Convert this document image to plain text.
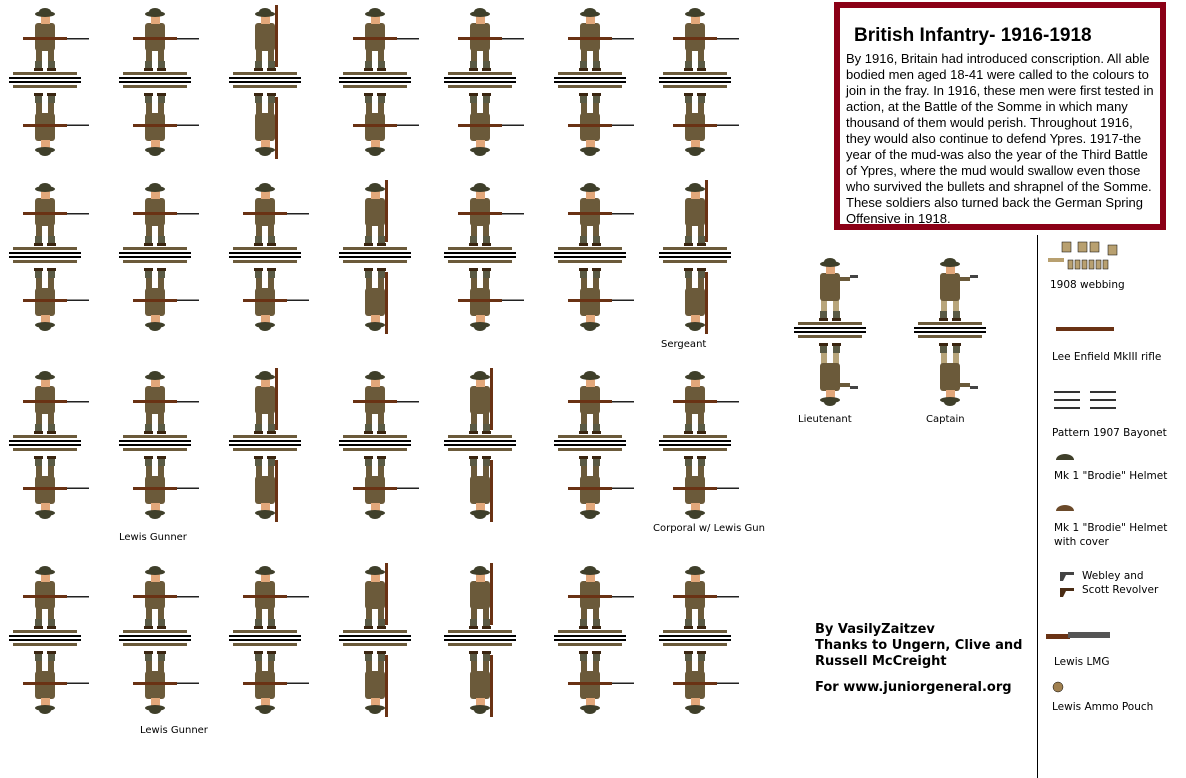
British Infantry- 1916-1918

By 1916, Britain had introduced conscription. All able bodied men aged 18-41 were called to the colours to join in the fray. In 1916, these men were first tested in action, at the Battle of the Somme in which many thousand of them would perish. Throughout 1916, they would also continue to defend Ypres. 1917-the year of the mud-was also the year of the Third Battle of Ypres, where the mud would swallow even those who survived the bullets and shrapnel of the Somme. These soldiers also turned back the German Spring Offensive in 1918.

Sergeant
Lewis Gunner
Corporal w/ Lewis Gun
Lieutenant	Captain
Lewis Gunner
1908 webbing
Lee Enfield MkIII rifle
Pattern 1907 Bayonet
Mk 1 "Brodie" Helmet
Mk 1 "Brodie" Helmet with cover
Webley and Scott Revolver
Lewis LMG
Lewis Ammo Pouch
By VasilyZaitzev
Thanks to Ungern, Clive and
Russell McCreight
For www.juniorgeneral.org
